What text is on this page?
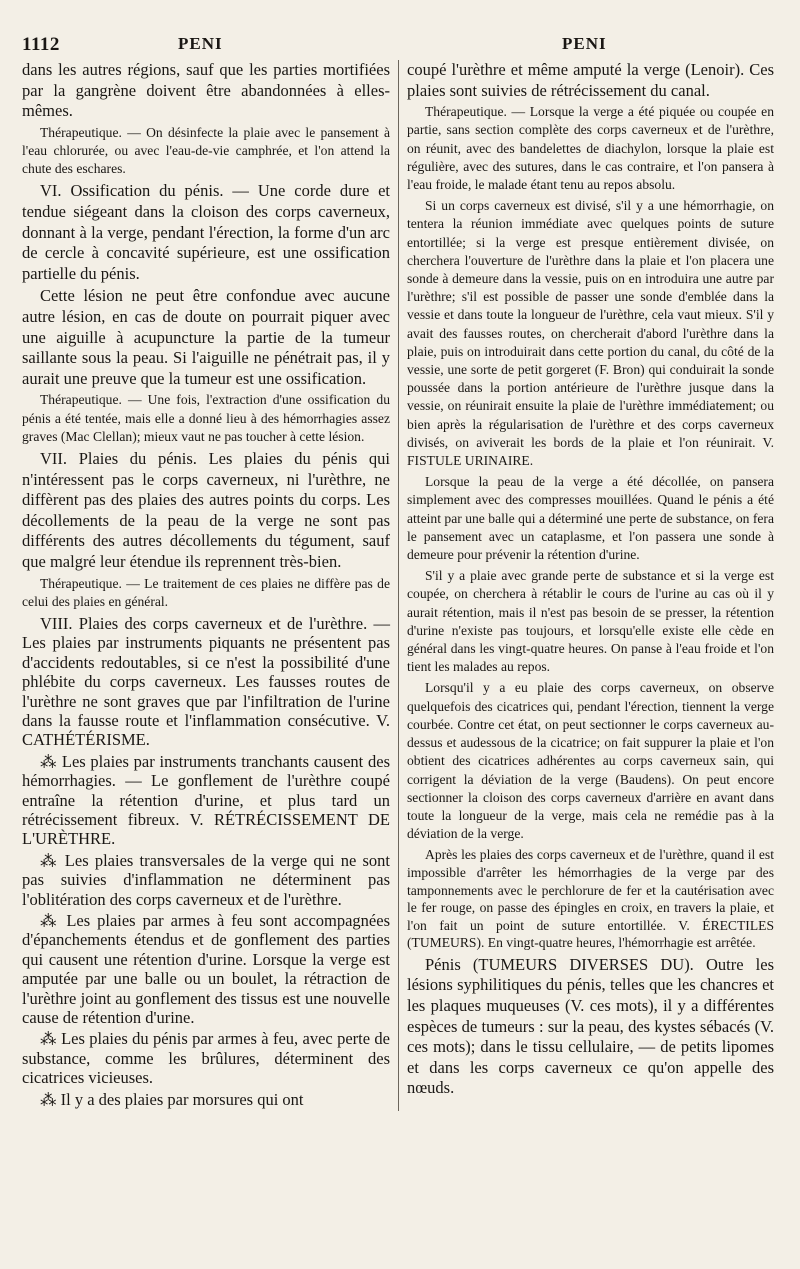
1112	PENI	PENI

dans les autres régions, sauf que les parties mortifiées par la gangrène doivent être abandonnées à elles-mêmes.

Thérapeutique. — On désinfecte la plaie avec le pansement à l'eau chlorurée, ou avec l'eau-de-vie camphrée, et l'on attend la chute des eschares.

VI. Ossification du pénis. — Une corde dure et tendue siégeant dans la cloison des corps caverneux, donnant à la verge, pendant l'érection, la forme d'un arc de cercle à concavité supérieure, est une ossification partielle du pénis.

Cette lésion ne peut être confondue avec aucune autre lésion, en cas de doute on pourrait piquer avec une aiguille à acupuncture la partie de la tumeur saillante sous la peau. Si l'aiguille ne pénétrait pas, il y aurait une preuve que la tumeur est une ossification.

Thérapeutique. — Une fois, l'extraction d'une ossification du pénis a été tentée, mais elle a donné lieu à des hémorrhagies assez graves (Mac Clellan); mieux vaut ne pas toucher à cette lésion.

VII. Plaies du pénis. Les plaies du pénis qui n'intéressent pas le corps caverneux, ni l'urèthre, ne diffèrent pas des plaies des autres points du corps. Les décollements de la peau de la verge ne sont pas différents des autres décollements du tégument, sauf que malgré leur étendue ils reprennent très-bien.

Thérapeutique. — Le traitement de ces plaies ne diffère pas de celui des plaies en général.

VIII. Plaies des corps caverneux et de l'urèthre. — Les plaies par instruments piquants ne présentent pas d'accidents redoutables, si ce n'est la possibilité d'une phlébite du corps caverneux. Les fausses routes de l'urèthre ne sont graves que par l'infiltration de l'urine dans la fausse route et l'inflammation consécutive. V. CATHÉTÉRISME.

⁂ Les plaies par instruments tranchants causent des hémorrhagies. — Le gonflement de l'urèthre coupé entraîne la rétention d'urine, et plus tard un rétrécissement fibreux. V. RÉTRÉCISSEMENT DE L'URÈTHRE.

⁂ Les plaies transversales de la verge qui ne sont pas suivies d'inflammation ne déterminent pas l'oblitération des corps caverneux et de l'urèthre.

⁂ Les plaies par armes à feu sont accompagnées d'épanchements étendus et de gonflement des parties qui causent une rétention d'urine. Lorsque la verge est amputée par une balle ou un boulet, la rétraction de l'urèthre joint au gonflement des tissus est une nouvelle cause de rétention d'urine.

⁂ Les plaies du pénis par armes à feu, avec perte de substance, comme les brûlures, déterminent des cicatrices vicieuses.

⁂ Il y a des plaies par morsures qui ont

coupé l'urèthre et même amputé la verge (Lenoir). Ces plaies sont suivies de rétrécissement du canal.

Thérapeutique. — Lorsque la verge a été piquée ou coupée en partie, sans section complète des corps caverneux et de l'urèthre, on réunit, avec des bandelettes de diachylon, lorsque la plaie est régulière, avec des sutures, dans le cas contraire, et l'on pansera à l'eau froide, le malade étant tenu au repos absolu.

Si un corps caverneux est divisé, s'il y a une hémorrhagie, on tentera la réunion immédiate avec quelques points de suture entortillée; si la verge est presque entièrement divisée, on cherchera l'ouverture de l'urèthre dans la plaie et l'on placera une sonde à demeure dans la vessie, puis on en introduira une autre par l'urèthre; s'il est possible de passer une sonde d'emblée dans la vessie et dans toute la longueur de l'urèthre, cela vaut mieux. S'il y avait des fausses routes, on chercherait d'abord l'urèthre dans la plaie, puis on introduirait dans cette portion du canal, du côté de la vessie, une sorte de petit gorgeret (F. Bron) qui conduirait la sonde poussée dans la portion antérieure de l'urèthre jusque dans la vessie, on réunirait ensuite la plaie de l'urèthre immédiatement; ou bien après la régularisation de l'urèthre et des corps caverneux divisés, on aviverait les bords de la plaie et l'on réunirait. V. FISTULE URINAIRE.

Lorsque la peau de la verge a été décollée, on pansera simplement avec des compresses mouillées. Quand le pénis a été atteint par une balle qui a déterminé une perte de substance, on fera le pansement avec un cataplasme, et l'on passera une sonde à demeure pour prévenir la rétention d'urine.

S'il y a plaie avec grande perte de substance et si la verge est coupée, on cherchera à rétablir le cours de l'urine au cas où il y aurait rétention, mais il n'est pas besoin de se presser, la rétention d'urine n'existe pas toujours, et lorsqu'elle existe elle cède en général dans les vingt-quatre heures. On panse à l'eau froide et l'on tient les malades au repos.

Lorsqu'il y a eu plaie des corps caverneux, on observe quelquefois des cicatrices qui, pendant l'érection, tiennent la verge courbée. Contre cet état, on peut sectionner le corps caverneux au-dessus et audessous de la cicatrice; on fait suppurer la plaie et l'on obtient des cicatrices adhérentes au corps caverneux sain, qui corrigent la déviation de la verge (Baudens). On peut encore sectionner la cloison des corps caverneux d'arrière en avant dans toute la longueur de la verge, mais cela ne remédie pas à la déviation de la verge.

Après les plaies des corps caverneux et de l'urèthre, quand il est impossible d'arrêter les hémorrhagies de la verge par des tamponnements avec le perchlorure de fer et la cautérisation avec le fer rouge, on passe des épingles en croix, en travers la plaie, et l'on fait un point de suture entortillée. V. ÉRECTILES (TUMEURS). En vingt-quatre heures, l'hémorrhagie est arrêtée.

Pénis (TUMEURS DIVERSES DU). Outre les lésions syphilitiques du pénis, telles que les chancres et les plaques muqueuses (V. ces mots), il y a différentes espèces de tumeurs : sur la peau, des kystes sébacés (V. ces mots); dans le tissu cellulaire, — de petits lipomes et dans les corps caverneux ce qu'on appelle des nœuds.
